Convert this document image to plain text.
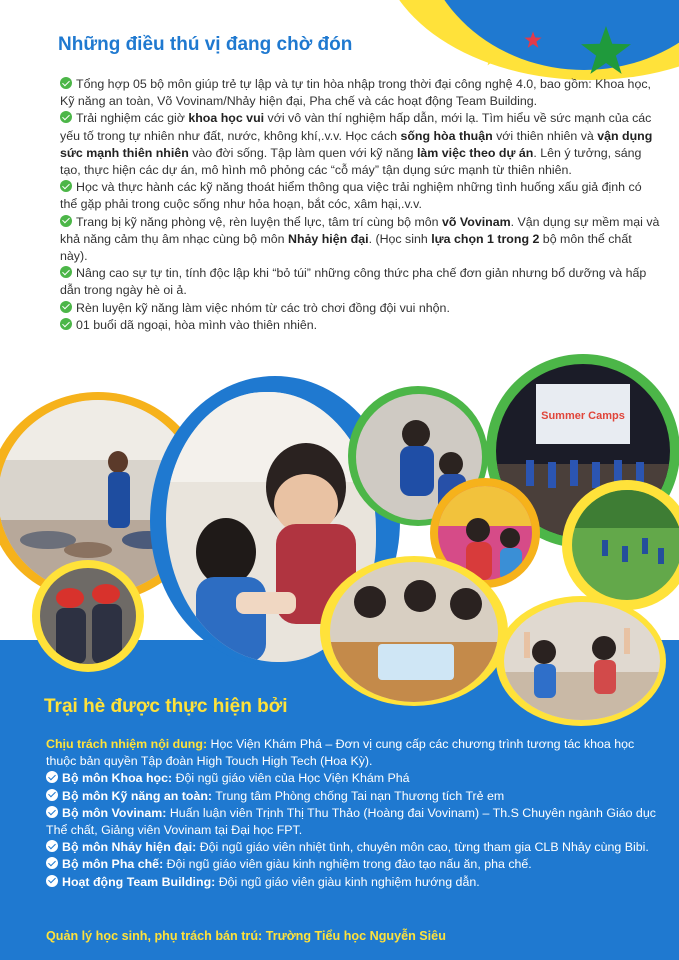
Những điều thú vị đang chờ đón

Tổng hợp 05 bộ môn giúp trẻ tự lập và tự tin hòa nhập trong thời đại công nghệ 4.0, bao gồm: Khoa học, Kỹ năng an toàn, Võ Vovinam/Nhảy hiện đại, Pha chế và các hoạt động Team Building.

Trải nghiệm các giờ khoa học vui với vô vàn thí nghiệm hấp dẫn, mới lạ. Tìm hiểu về sức mạnh của các yếu tố trong tự nhiên như đất, nước, không khí,.v.v. Học cách sống hòa thuận với thiên nhiên và vận dụng sức mạnh thiên nhiên vào đời sống. Tập làm quen với kỹ năng làm việc theo dự án. Lên ý tưởng, sáng tạo, thực hiện các dự án, mô hình mô phỏng các “cỗ máy” tận dụng sức mạnh từ thiên nhiên.

Học và thực hành các kỹ năng thoát hiểm thông qua việc trải nghiệm những tình huống xấu giả định có thể gặp phải trong cuộc sống như hỏa hoạn, bắt cóc, xâm hại,.v.v.

Trang bị kỹ năng phòng vệ, rèn luyện thể lực, tâm trí cùng bộ môn võ Vovinam. Vận dụng sự mềm mại và khả năng cảm thụ âm nhạc cùng bộ môn Nhảy hiện đại. (Học sinh lựa chọn 1 trong 2 bộ môn thể chất này).

Nâng cao sự tự tin, tính độc lập khi “bỏ túi” những công thức pha chế đơn giản nhưng bổ dưỡng và hấp dẫn trong ngày hè oi ả.

Rèn luyện kỹ năng làm việc nhóm từ các trò chơi đồng đội vui nhộn.

01 buổi dã ngoại, hòa mình vào thiên nhiên.

Summer Camps
Trại hè được thực hiện bởi

Chịu trách nhiệm nội dung: Học Viện Khám Phá – Đơn vị cung cấp các chương trình tương tác khoa học thuộc bản quyền Tập đoàn High Touch High Tech (Hoa Kỳ).

Bộ môn Khoa học: Đội ngũ giáo viên của Học Viện Khám Phá

Bộ môn Kỹ năng an toàn: Trung tâm Phòng chống Tai nạn Thương tích Trẻ em

Bộ môn Vovinam: Huấn luận viên Trịnh Thị Thu Thảo (Hoàng đai Vovinam) – Th.S Chuyên ngành Giáo dục Thể chất, Giảng viên Vovinam tại Đại học FPT.

Bộ môn Nhảy hiện đại: Đội ngũ giáo viên nhiệt tình, chuyên môn cao, từng tham gia CLB Nhảy cùng Bibi.

Bộ môn Pha chế: Đội ngũ giáo viên giàu kinh nghiệm trong đào tạo nấu ăn, pha chế.

Hoạt động Team Building: Đội ngũ giáo viên giàu kinh nghiệm hướng dẫn.

Quản lý học sinh, phụ trách bán trú: Trường Tiểu học Nguyễn Siêu
